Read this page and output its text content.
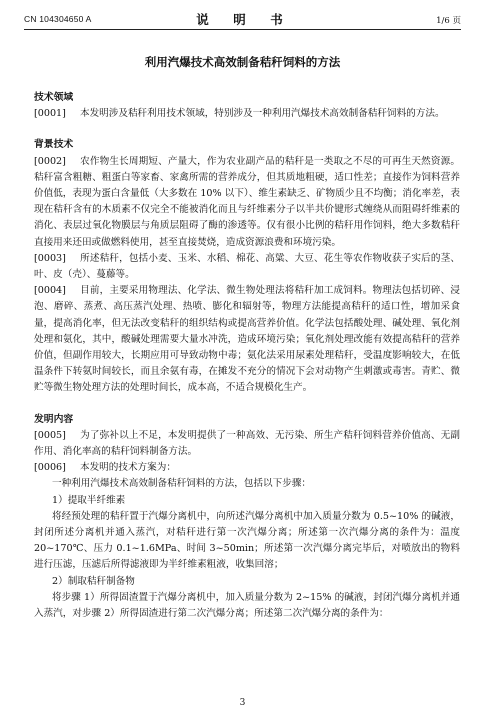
CN 104304650 A	说　明　书	1/6 页
利用汽爆技术高效制备秸秆饲料的方法
技术领域
[0001] 本发明涉及秸秆利用技术领域，特别涉及一种利用汽爆技术高效制备秸秆饲料的方法。
背景技术
[0002] 农作物生长周期短、产量大，作为农业副产品的秸秆是一类取之不尽的可再生天然资源。秸秆富含粗糖、粗蛋白等家畜、家禽所需的营养成分，但其质地粗硬，适口性差；直接作为饲料营养价值低，表现为蛋白含量低（大多数在 10% 以下）、维生素缺乏、矿物质少且不均衡；消化率差，表现在秸秆含有的木质素不仅完全不能被消化而且与纤维素分子以半共价键形式缠绕从而阻碍纤维素的消化、表层过氧化物膜层与角质层阻碍了酶的渗透等。仅有很小比例的秸秆用作饲料，绝大多数秸秆直接用来还田或做燃料使用，甚至直接焚烧，造成资源浪费和环境污染。
[0003] 所述秸秆，包括小麦、玉米、水稻、棉花、高粱、大豆、花生等农作物收获子实后的茎、叶、皮（壳）、蔓藤等。
[0004] 目前，主要采用物理法、化学法、微生物处理法将秸秆加工成饲料。物理法包括切碎、浸泡、磨碎、蒸煮、高压蒸汽处理、热喷、膨化和辐射等，物理方法能提高秸秆的适口性，增加采食量，提高消化率，但无法改变秸秆的组织结构或提高营养价值。化学法包括酸处理、碱处理、氧化剂处理和氨化，其中，酸碱处理需要大量水冲洗，造成环境污染；氧化剂处理改能有效提高秸秆的营养价值，但副作用较大，长期应用可导致动物中毒；氨化法采用尿素处理秸秆，受温度影响较大，在低温条件下转氨时间较长，而且余氨有毒，在摊发不充分的情况下会对动物产生刺激或毒害。青贮、微贮等微生物处理方法的处理时间长，成本高，不适合规模化生产。
发明内容
[0005] 为了弥补以上不足，本发明提供了一种高效、无污染、所生产秸秆饲料营养价值高、无副作用、消化率高的秸秆饲料制备方法。
[0006] 本发明的技术方案为：
一种利用汽爆技术高效制备秸秆饲料的方法，包括以下步骤：
1）提取半纤维素
将经预处理的秸秆置于汽爆分离机中，向所述汽爆分离机中加入质量分数为 0.5~10% 的碱液，封闭所述分离机并通入蒸汽，对秸秆进行第一次汽爆分离；所述第一次汽爆分离的条件为：温度 20~170℃、压力 0.1~1.6MPa、时间 3~50min；所述第一次汽爆分离完毕后，对喷放出的物料进行压滤，压滤后所得滤液即为半纤维素粗液，收集回溶；
2）制取秸秆制备物
将步骤 1）所得固渣置于汽爆分离机中，加入质量分数为 2~15% 的碱液，封闭汽爆分离机并通入蒸汽，对步骤 2）所得固渣进行第二次汽爆分离；所述第二次汽爆分离的条件为：
3
